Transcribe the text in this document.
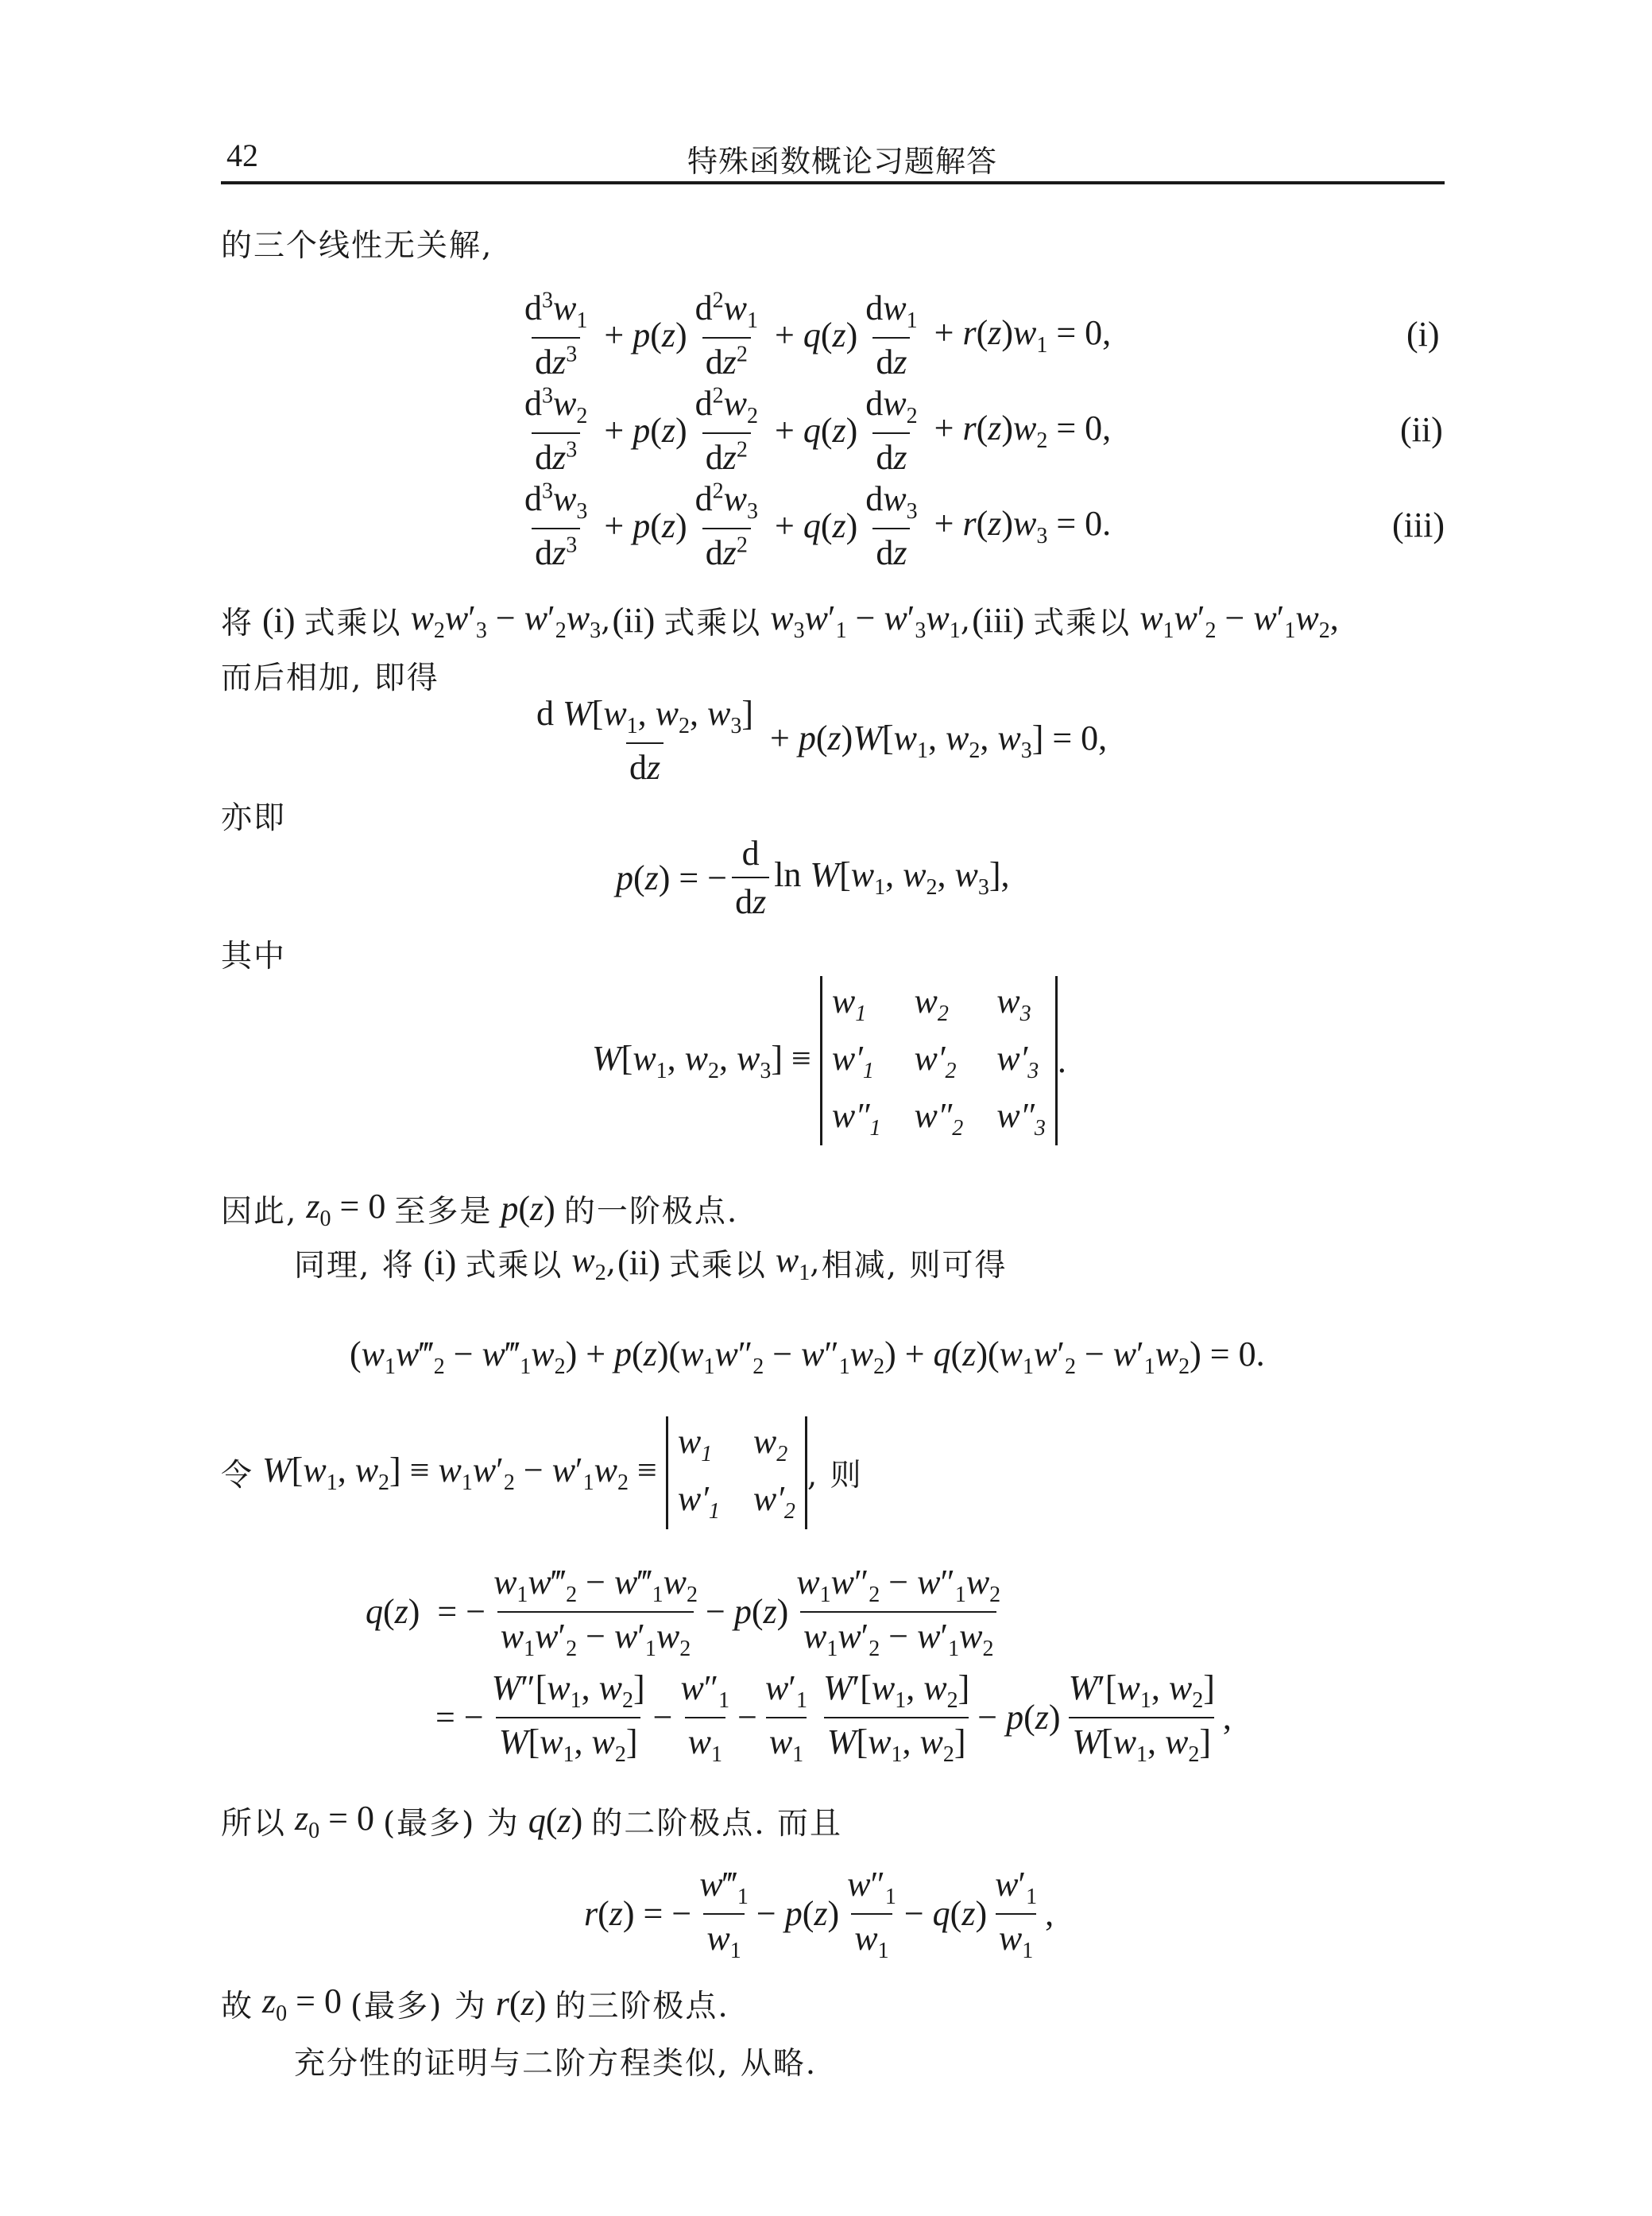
42	特殊函数概论习题解答
的三个线性无关解,
$\frac{d^3w_1}{dz^3} + p(z) \frac{d^2w_1}{dz^2} + q(z) \frac{dw_1}{dz} + r(z)w_1 = 0$,	(i)
$\frac{d^3w_2}{dz^3} + p(z) \frac{d^2w_2}{dz^2} + q(z) \frac{dw_2}{dz} + r(z)w_2 = 0$,	(ii)
$\frac{d^3w_3}{dz^3} + p(z) \frac{d^2w_3}{dz^2} + q(z) \frac{dw_3}{dz} + r(z)w_3 = 0$.	(iii)
将 (i) 式乘以 $w_2w'_3 - w'_2w_3$ , (ii) 式乘以 $w_3w'_1 - w'_3w_1$ , (iii) 式乘以 $w_1w'_2 - w'_1w_2$,
而后相加, 即得
$\frac{d W[w_1, w_2, w_3]}{dz} + p(z)W[w_1$, $w_2$, $w_3] = 0$,
亦即
p(z) = − $\frac{d}{dz}$ $\ln W[w_1$, $w_2$, $w_3$],
其中
$W[w_1$, $w_2$, $w_3$] ≡
$w_1$	$w_2$	$w_3$
$w'_1$ $w'_2$ $w'_3$
$w''_1$ $w''_2$ $w''_3$
.
因此, $z_0 = 0$ 至多是 p(z) 的一阶极点.
同理, 将 (i) 式乘以 $w_2$ , (ii) 式乘以 $w_1$ , 相减, 则可得
($w_1w‴_2$ − $w‴_1w_2) + p(z)(w_1w''_2 - w''_1w_2) + q(z)(w_1w'_2 - w'_1w_2) = 0$.
令 $W[w_1$, $w_2] \equiv w_1w'_2 - w'_1w_2$ ≡
$w_1$ $w_2$
$w'_1$ $w'_2$
, 则
q(z)  = − $\frac{w_1w‴_2 - w‴_1w_2}{w_1w'_2 - w'_1w_2} - p(z) \frac{w_1w''_2 - w''_1w_2}{w_1w'_2 - w'_1w_2}$
= − $\frac{W''[w_1, w_2]}{W[w_1, w_2]} - \frac{w''_1}{w_1} - \frac{w'_1}{w_1} \frac{W'[w_1, w_2]}{W[w_1, w_2]} - p(z) \frac{W'[w_1, w_2]}{W[w_1, w_2]}$ ,
所以 $z_0 = 0$ (最多) 为 q(z) 的二阶极点. 而且
r(z) = − $\frac{w‴_1}{w_1} - p(z) \frac{w''_1}{w_1} - q(z) \frac{w'_1}{w_1}$ ,
故 $z_0 = 0$ (最多) 为 r(z) 的三阶极点.
充分性的证明与二阶方程类似, 从略.
